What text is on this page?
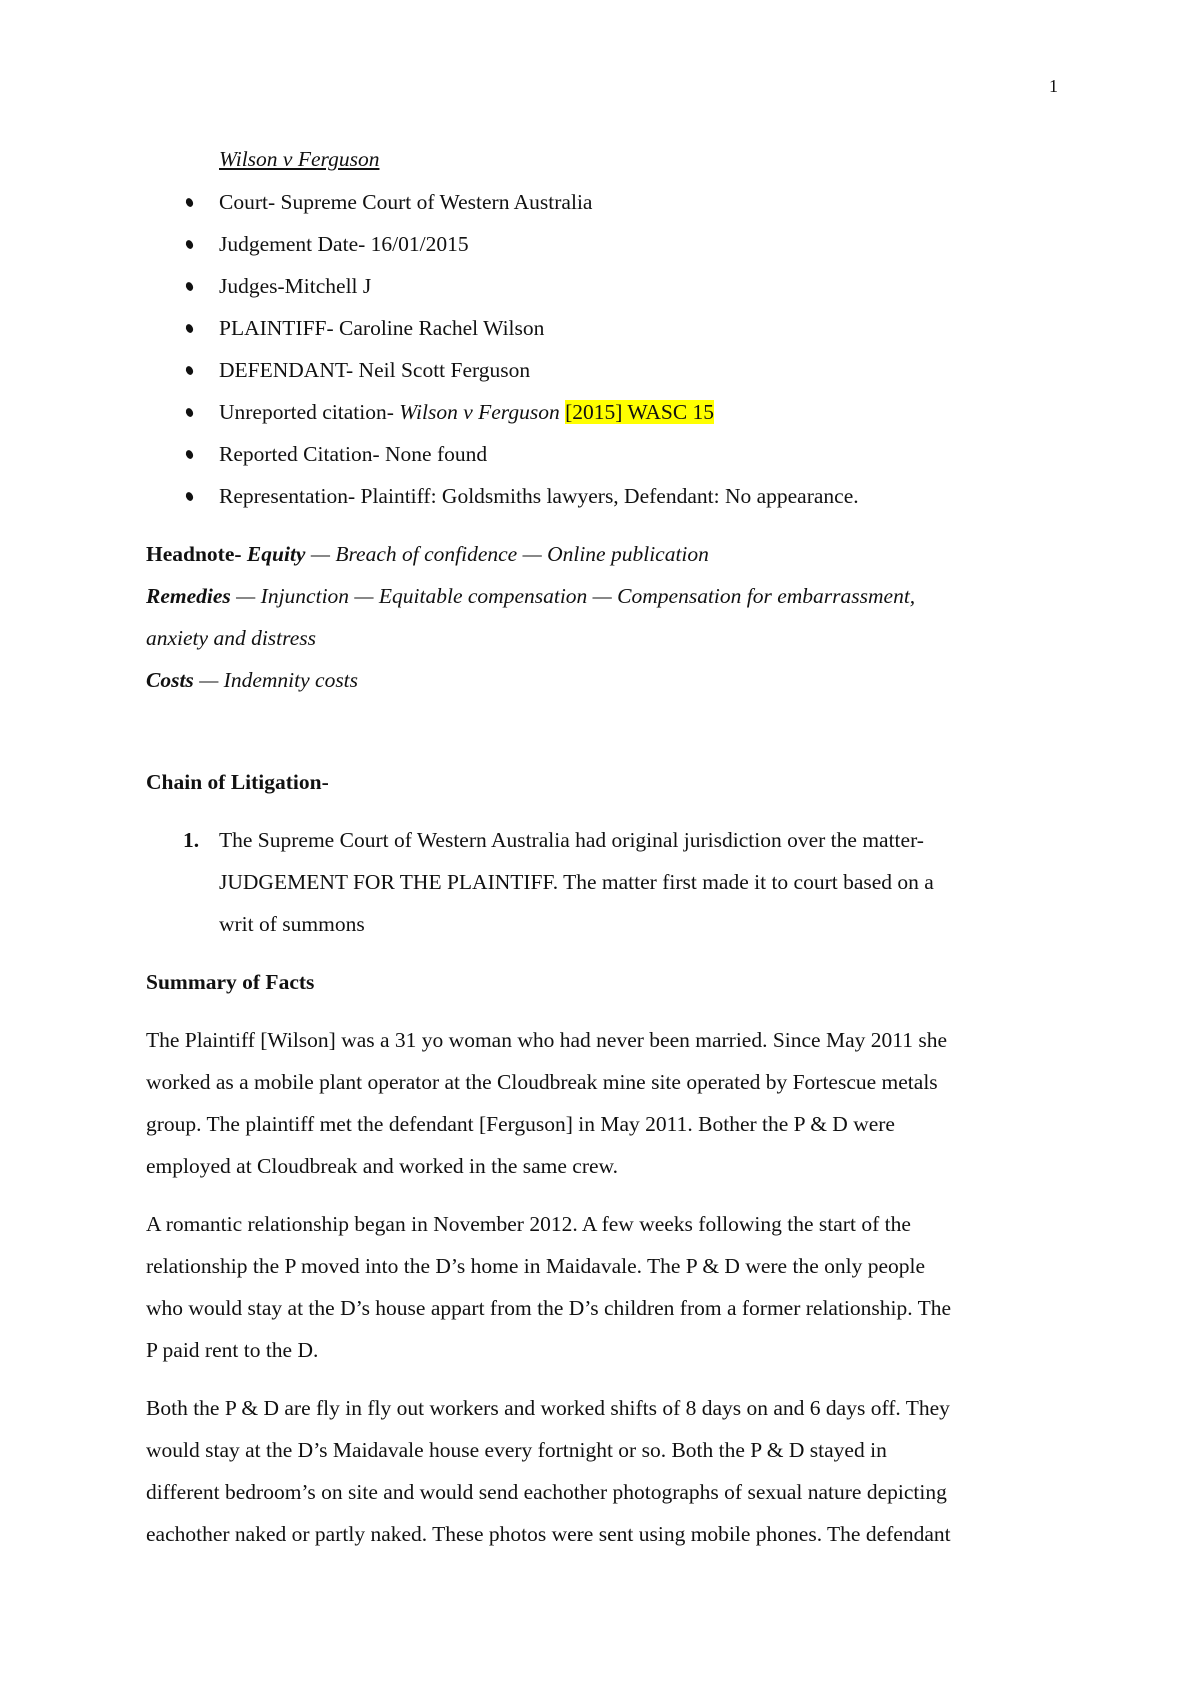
1
Wilson v Ferguson
Court- Supreme Court of Western Australia
Judgement Date- 16/01/2015
Judges-Mitchell J
PLAINTIFF- Caroline Rachel Wilson
DEFENDANT- Neil Scott Ferguson
Unreported citation- Wilson v Ferguson [2015] WASC 15
Reported Citation- None found
Representation- Plaintiff: Goldsmiths lawyers, Defendant: No appearance.
Headnote- Equity — Breach of confidence — Online publication
Remedies — Injunction — Equitable compensation — Compensation for embarrassment,
anxiety and distress
Costs — Indemnity costs
Chain of Litigation-
1. The Supreme Court of Western Australia had original jurisdiction over the matter-
JUDGEMENT FOR THE PLAINTIFF. The matter first made it to court based on a
writ of summons
Summary of Facts
The Plaintiff [Wilson] was a 31 yo woman who had never been married. Since May 2011 she
worked as a mobile plant operator at the Cloudbreak mine site operated by Fortescue metals
group. The plaintiff met the defendant [Ferguson] in May 2011. Bother the P & D were
employed at Cloudbreak and worked in the same crew.
A romantic relationship began in November 2012. A few weeks following the start of the
relationship the P moved into the D’s home in Maidavale. The P & D were the only people
who would stay at the D’s house appart from the D’s children from a former relationship. The
P paid rent to the D.
Both the P & D are fly in fly out workers and worked shifts of 8 days on and 6 days off. They
would stay at the D’s Maidavale house every fortnight or so. Both the P & D stayed in
different bedroom’s on site and would send eachother photographs of sexual nature depicting
eachother naked or partly naked. These photos were sent using mobile phones. The defendant
